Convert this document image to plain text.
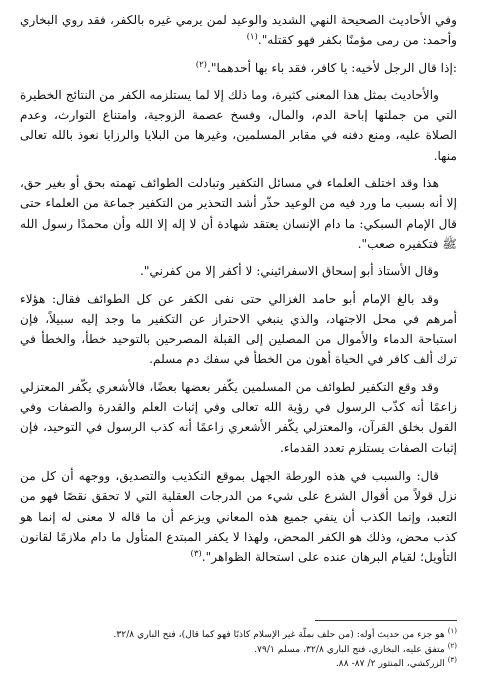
وفي الأحاديث الصحيحة النهي الشديد والوعيد لمن يرمي غيره بالكفر، فقد روي البخاري وأحمد: من رمى مؤمنًا بكفر فهو كقتله".$^{(١)}$

:إذا قال الرجل لأخيه: يا كافر، فقد باء بها أحدهما".$^{(٢)}$

والأحاديث بمثل هذا المعنى كثيرة، وما ذلك إلا لما يستلزمه الكفر من النتائج الخطيرة التي من جملتها إباحة الدم، والمال، وفسخ عصمة الزوجية، وامتناع التوارث، وعدم الصلاة عليه، ومنع دفنه في مقابر المسلمين، وغيرها من البلايا والرزايا نعوذ بالله تعالى منها.

هذا وقد اختلف العلماء في مسائل التكفير وتبادلت الطوائف تهمته بحق أو بغير حق، إلا أنه بسبب ما ورد فيه من الوعيد حذّر أشد التحذير من التكفير جماعة من العلماء حتى قال الإمام السبكي: ما دام الإنسان يعتقد شهادة أن لا إله إلا الله وأن محمدًا رسول الله ﷺ فتكفيره صعب".

وقال الأستاذ أبو إسحاق الاسفرائيني: لا أكفر إلا من كفرني".

وقد بالغ الإمام أبو حامد الغزالي حتى نفى الكفر عن كل الطوائف فقال: هؤلاء أمرهم في محل الاجتهاد، والذي ينبغي الاحتراز عن التكفير ما وجد إليه سبيلاً، فإن استباحة الدماء والأموال من المصلين إلى القبلة المصرحين بالتوحيد خطأ، والخطأ في ترك ألف كافر في الحياة أهون من الخطأ في سفك دم مسلم.

وقد وقع التكفير لطوائف من المسلمين يكّفر بعضها بعضًا، فالأشعري يكّفر المعتزلي زاعمًا أنه كذّب الرسول في رؤية الله تعالى وفي إثبات العلم والقدرة والصفات وفي القول بخلق القرآن، والمعتزلي يكّفر الأشعري زاعمًا أنه كذب الرسول في التوحيد، فإن إثبات الصفات يستلزم تعدد القدماء.

قال: والسبب في هذه الورطة الجهل بموقع التكذيب والتصديق، ووجهه أن كل من نزل قولاً من أقوال الشرع على شيء من الدرجات العقلية التي لا تحقق نقصًا فهو من التعبد، وإنما الكذب أن ينفي جميع هذه المعاني ويزعم أن ما قاله لا معنى له إنما هو كذب محض، وذلك هو الكفر المحض، ولهذا لا يكفر المبتدع المتأول ما دام ملازمًا لقانون التأويل؛ لقيام البرهان عنده على استحالة الظواهر".$^{(٣)}$

$^{(١)}$ هو جزء من حديث أوله: (من حلف بملّة غير الإسلام كاذبًا فهو كما قال)، فتح الباري ٣٢/٨.
$^{(٢)}$ متفق عليه، البخاري، فتح الباري ٣٢/٨، مسلم ٧٩/١.
$^{(٣)}$ الزركشي، المنثور ٢/ ٨٧- ٨٨.
